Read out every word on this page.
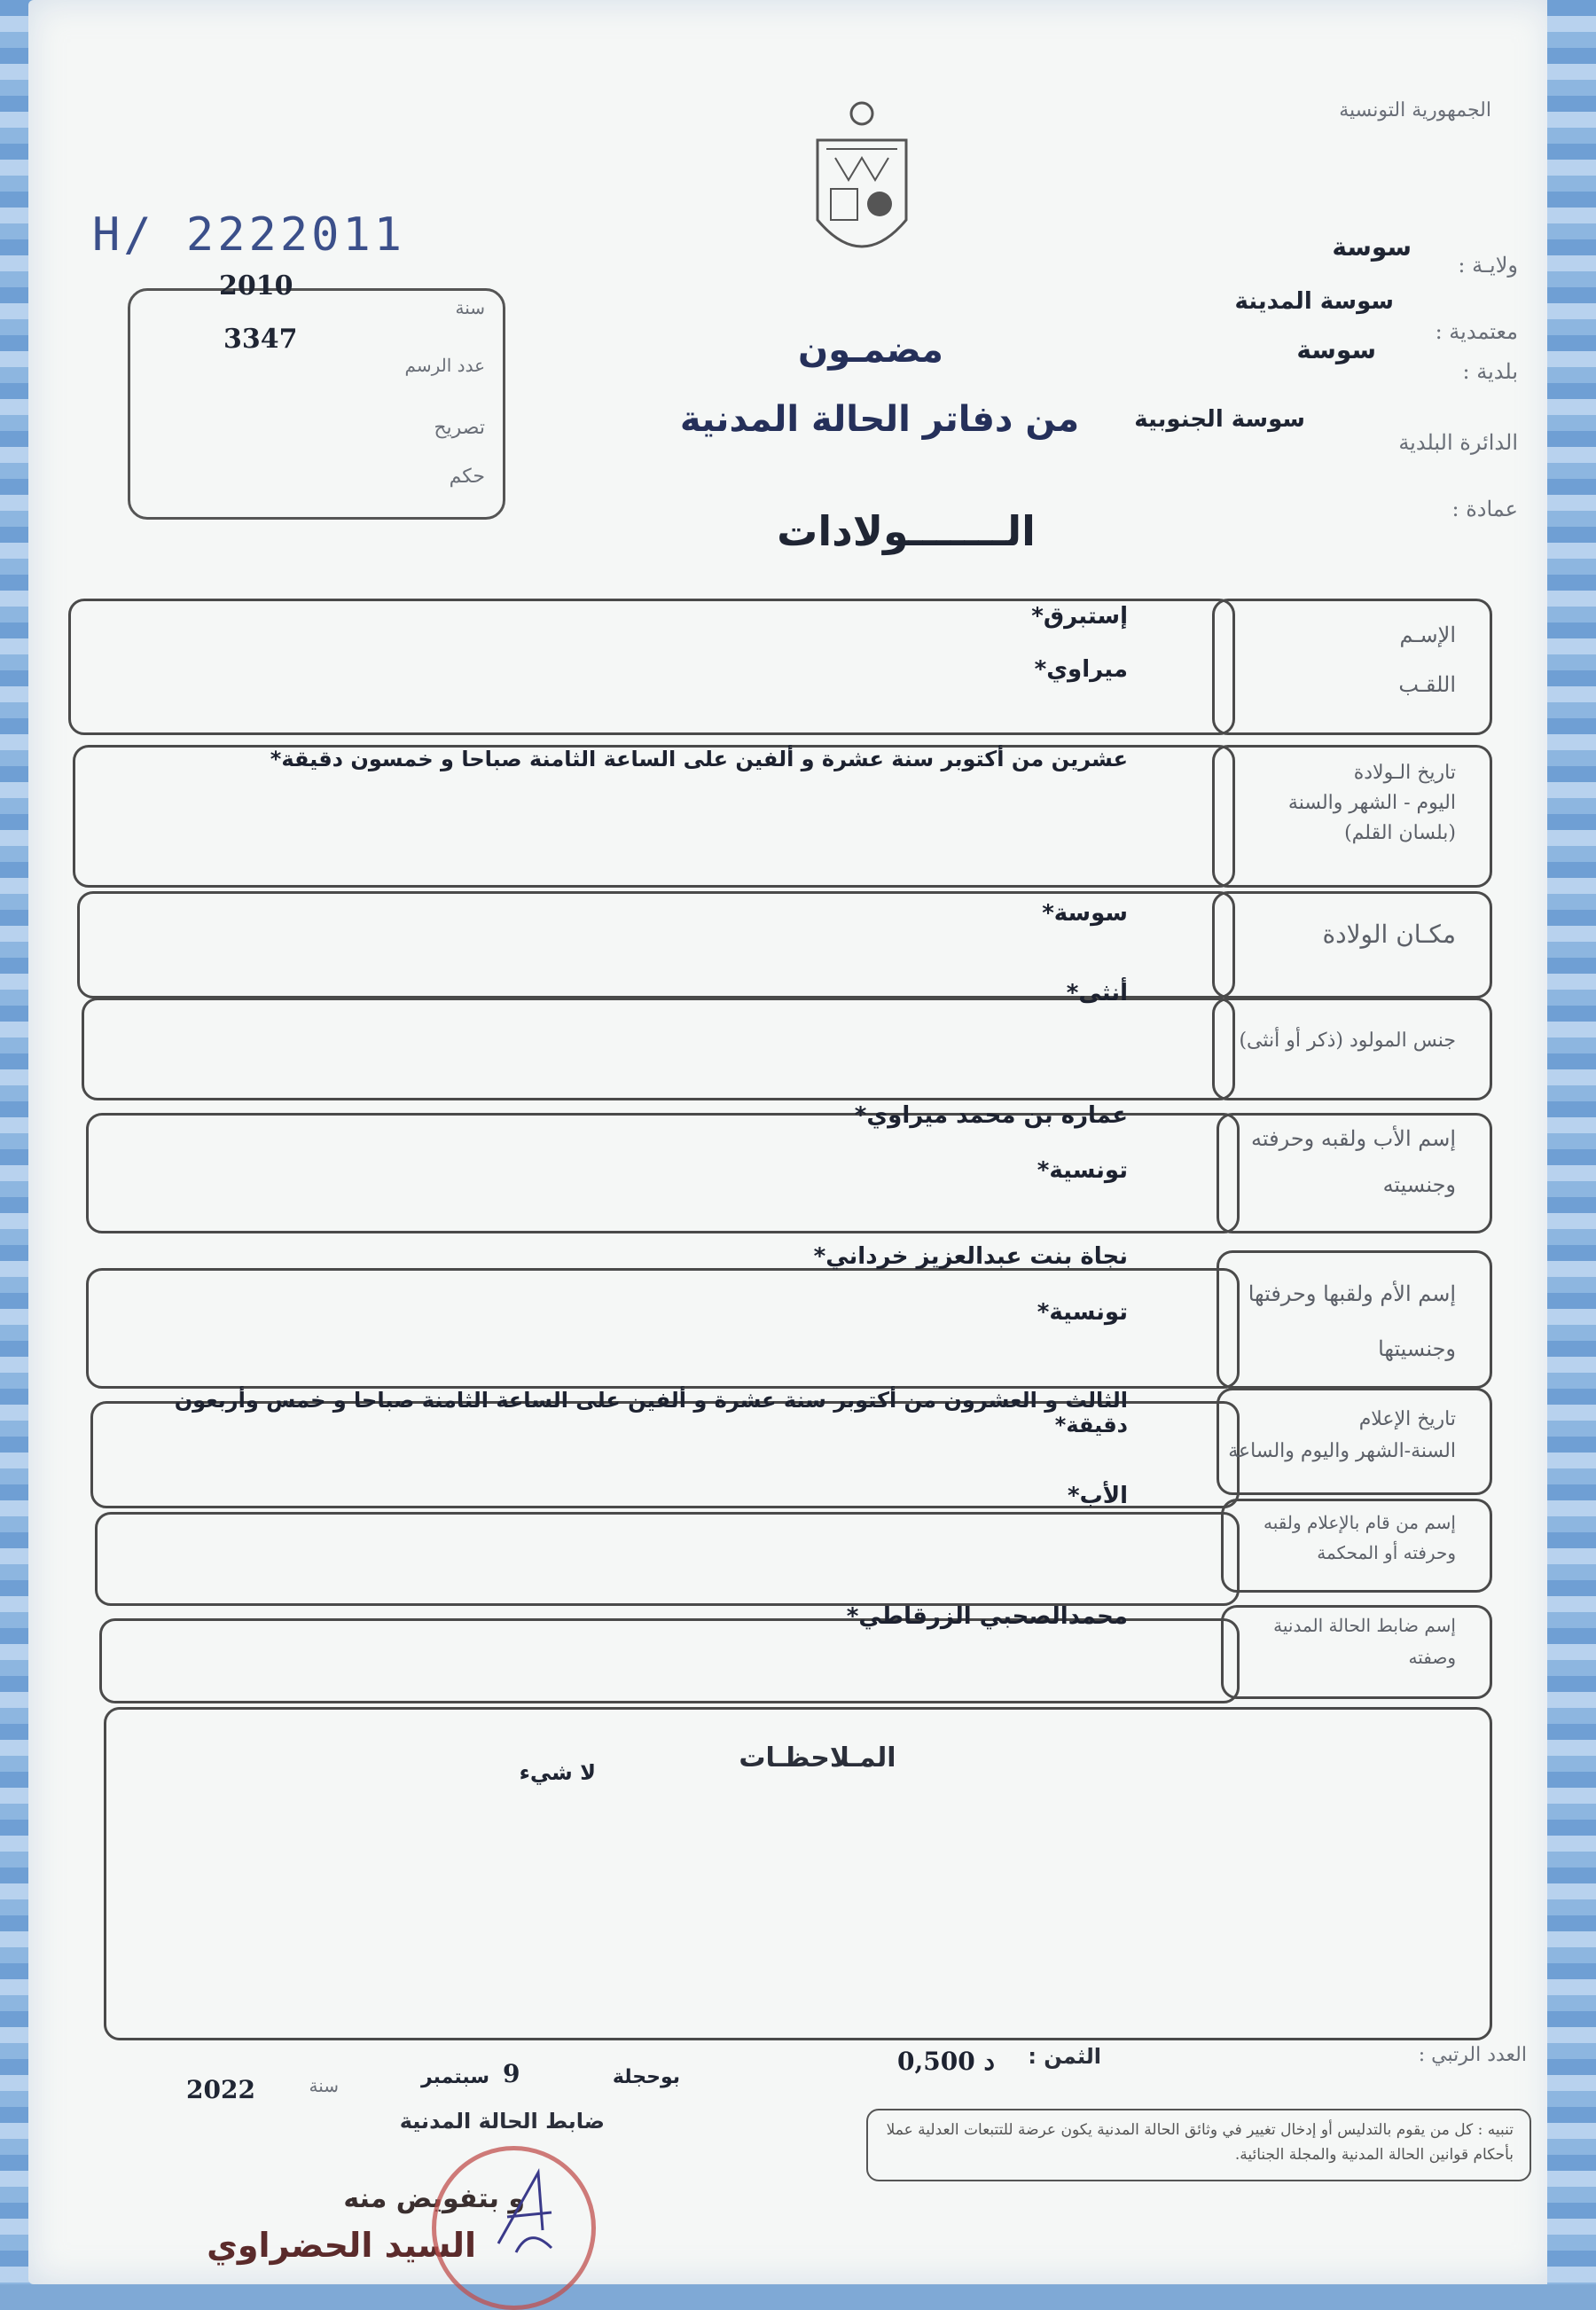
الجمهورية التونسية
H/ 2222011
2010
3347
سنة
عدد الرسم
تصريح
حكم
مضمـون
من دفاتر الحالة المدنية
الـــــــولادات
ولايـة :
سوسة
معتمدية :
سوسة المدينة
بلدية :
سوسة
الدائرة البلدية
سوسة الجنوبية
عمادة :
الإسـم
اللقـب
إستبرق*
ميراوي*
تاريخ الـولادة
اليوم - الشهر والسنة
(بلسان القلم)
عشرين من أكتوبر سنة عشرة و ألفين على الساعة الثامنة صباحا و خمسون دقيقة*
مكـان الولادة
سوسة*
جنس المولود (ذكر أو أنثى)
أنثى*
إسم الأب ولقبه وحرفته
وجنسيته
عماره بن محمد ميراوي*
تونسية*
إسم الأم ولقبها وحرفتها
وجنسيتها
نجاة بنت عبدالعزيز خرداني*
تونسية*
تاريخ الإعلام
السنة-الشهر واليوم والساعة
الثالث و العشرون من أكتوبر سنة عشرة و ألفين على الساعة الثامنة صباحا و خمس وأربعون دقيقة*
إسم من قام بالإعلام ولقبه
وحرفته أو المحكمة
الأب*
إسم ضابط الحالة المدنية
وصفته
محمدالصحبي الزرقاطي*
المـلاحظـات
لا شيء
العدد الرتبي :
الثمن :
0,500 د
بوحجلة
9
سبتمبر
سنة
2022
ضابط الحالة المدنية
و بتفويض منه
السيد الحضراوي
تنبيه : كل من يقوم بالتدليس أو إدخال تغيير في وثائق الحالة المدنية يكون عرضة للتتبعات العدلية عملا بأحكام قوانين الحالة المدنية والمجلة الجنائية.
